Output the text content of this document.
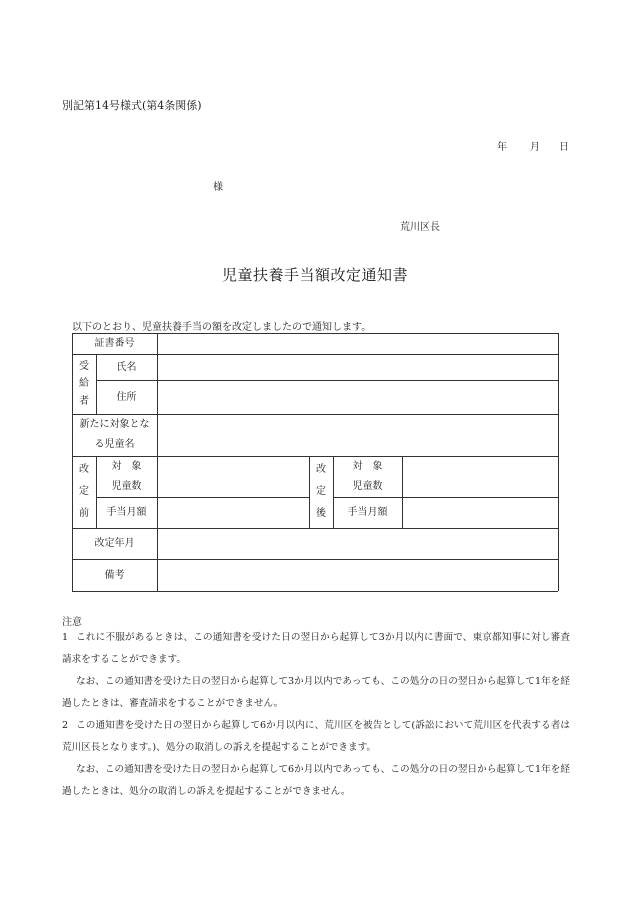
別記第14号様式(第4条関係)
年 月 日
様
荒川区長
児童扶養手当額改定通知書
以下のとおり、児童扶養手当の額を改定しましたので通知します。
証書番号
受
給
者
氏名
住所
新たに対象とな
る児童名
改
定
前
対　象
児童数
手当月額
改
定
後
対　象
児童数
手当月額
改定年月
備考
注意
1 これに不服があるときは、この通知書を受けた日の翌日から起算して3か月以内に書面で、東京都知事に対し審査請求をすることができます。
なお、この通知書を受けた日の翌日から起算して3か月以内であっても、この処分の日の翌日から起算して1年を経過したときは、審査請求をすることができません。
2 この通知書を受けた日の翌日から起算して6か月以内に、荒川区を被告として(訴訟において荒川区を代表する者は荒川区長となります。)、処分の取消しの訴えを提起することができます。
なお、この通知書を受けた日の翌日から起算して6か月以内であっても、この処分の日の翌日から起算して1年を経過したときは、処分の取消しの訴えを提起することができません。
